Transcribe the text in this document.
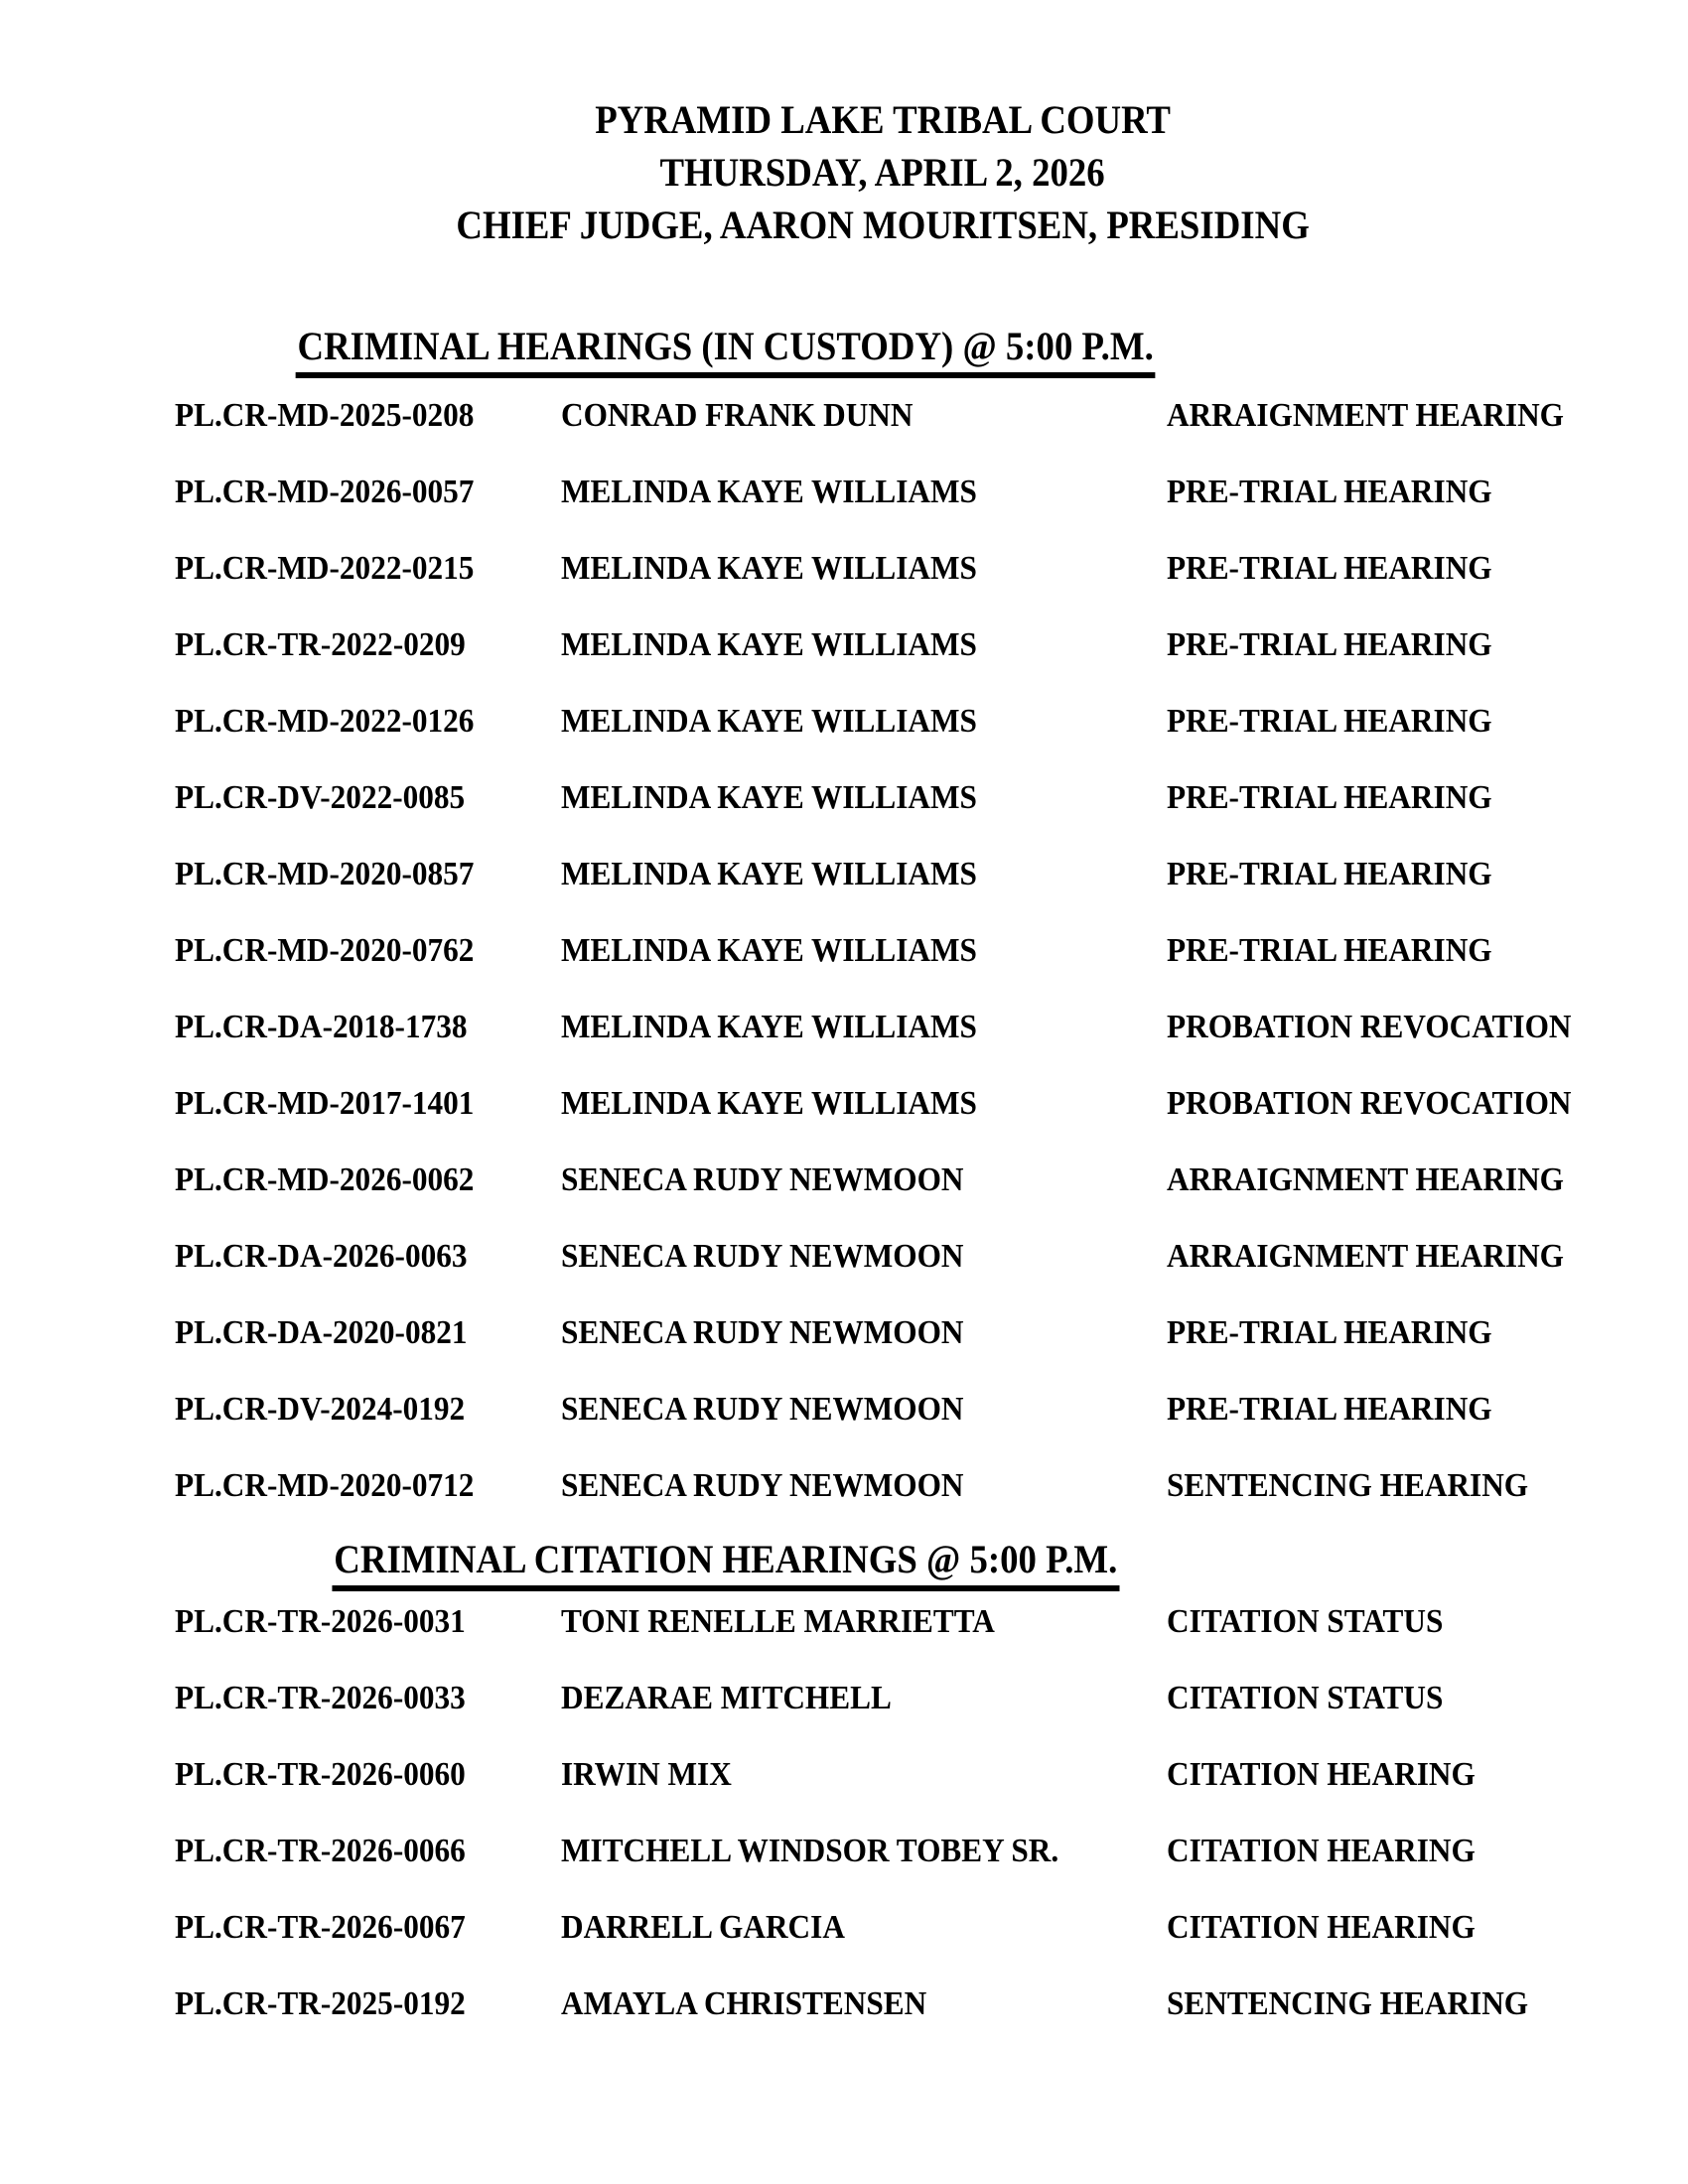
PYRAMID LAKE TRIBAL COURT
THURSDAY, APRIL 2, 2026
CHIEF JUDGE, AARON MOURITSEN, PRESIDING
CRIMINAL HEARINGS (IN CUSTODY) @ 5:00 P.M.
PL.CR-MD-2025-0208	CONRAD FRANK DUNN	ARRAIGNMENT HEARING
PL.CR-MD-2026-0057	MELINDA KAYE WILLIAMS	PRE-TRIAL HEARING
PL.CR-MD-2022-0215	MELINDA KAYE WILLIAMS	PRE-TRIAL HEARING
PL.CR-TR-2022-0209	MELINDA KAYE WILLIAMS	PRE-TRIAL HEARING
PL.CR-MD-2022-0126	MELINDA KAYE WILLIAMS	PRE-TRIAL HEARING
PL.CR-DV-2022-0085	MELINDA KAYE WILLIAMS	PRE-TRIAL HEARING
PL.CR-MD-2020-0857	MELINDA KAYE WILLIAMS	PRE-TRIAL HEARING
PL.CR-MD-2020-0762	MELINDA KAYE WILLIAMS	PRE-TRIAL HEARING
PL.CR-DA-2018-1738	MELINDA KAYE WILLIAMS	PROBATION REVOCATION
PL.CR-MD-2017-1401	MELINDA KAYE WILLIAMS	PROBATION REVOCATION
PL.CR-MD-2026-0062	SENECA RUDY NEWMOON	ARRAIGNMENT HEARING
PL.CR-DA-2026-0063	SENECA RUDY NEWMOON	ARRAIGNMENT HEARING
PL.CR-DA-2020-0821	SENECA RUDY NEWMOON	PRE-TRIAL HEARING
PL.CR-DV-2024-0192	SENECA RUDY NEWMOON	PRE-TRIAL HEARING
PL.CR-MD-2020-0712	SENECA RUDY NEWMOON	SENTENCING HEARING
CRIMINAL CITATION HEARINGS @ 5:00 P.M.
PL.CR-TR-2026-0031	TONI RENELLE MARRIETTA	CITATION STATUS
PL.CR-TR-2026-0033	DEZARAE MITCHELL	CITATION STATUS
PL.CR-TR-2026-0060	IRWIN MIX	CITATION HEARING
PL.CR-TR-2026-0066	MITCHELL WINDSOR TOBEY SR.	CITATION HEARING
PL.CR-TR-2026-0067	DARRELL GARCIA	CITATION HEARING
PL.CR-TR-2025-0192	AMAYLA CHRISTENSEN	SENTENCING HEARING
